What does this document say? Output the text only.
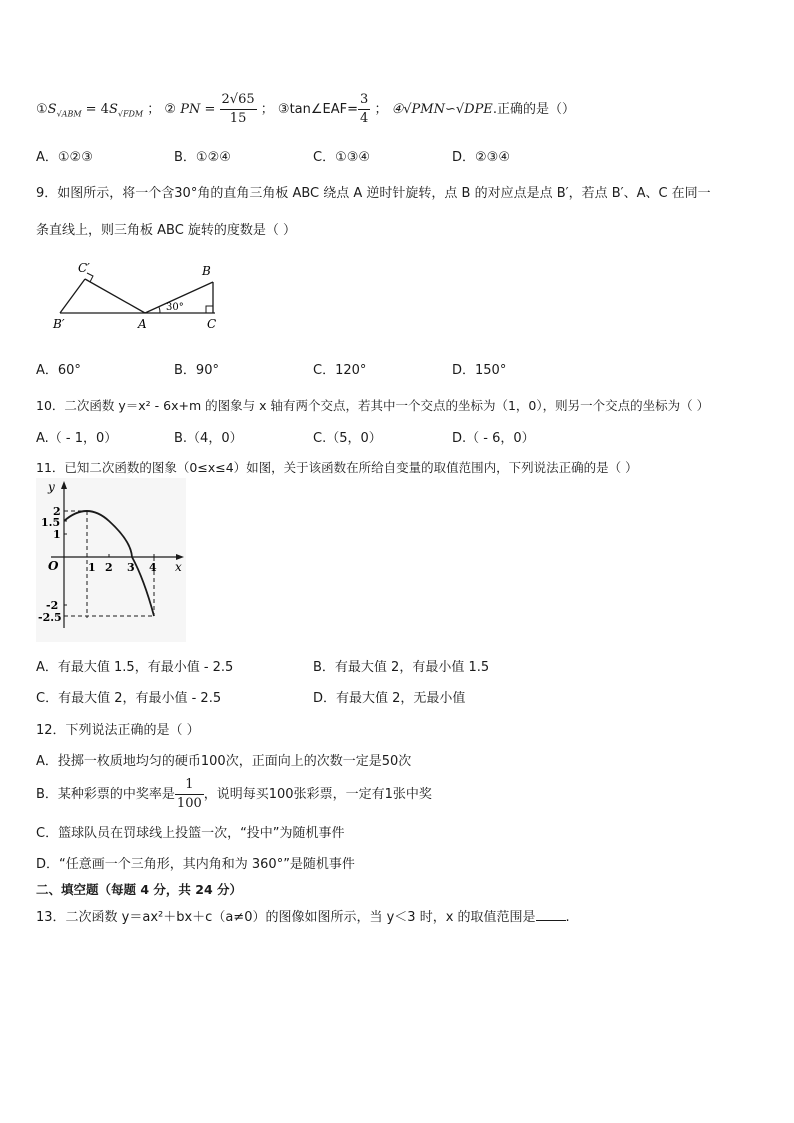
$①S_{√ABM} = 4S_{√FDM}$ ； ② PN = $\frac{2√65}{15}$ ； ③tan∠EAF= $\frac{3}{4}$ ； ④√PMN∽√DPE.正确的是（）
A．①②③	B．①②④	C．①③④	D．②③④
9．如图所示，将一个含30°角的直角三角板 ABC 绕点 A 逆时针旋转，点 B 的对应点是点 B′，若点 B′、A、C 在同一
条直线上，则三角板 ABC 旋转的度数是（ ）
30°
C′	B
B′	A	C
A．60°	B．90°	C．120°	D．150°
10．二次函数 y＝x² - 6x+m 的图象与 x 轴有两个交点，若其中一个交点的坐标为（1，0），则另一个交点的坐标为（ ）
A.（ - 1，0）	B.（4，0）	C.（5，0）	D.（ - 6，0）
11．已知二次函数的图象（0≤x≤4）如图，关于该函数在所给自变量的取值范围内，下列说法正确的是（ ）
y
x
O
2
1.5
1
-2
-2.5
1 2 3 4
A．有最大值 1.5，有最小值 - 2.5	B．有最大值 2，有最小值 1.5
C．有最大值 2，有最小值 - 2.5	D．有最大值 2，无最小值
12．下列说法正确的是（ ）
A．投掷一枚质地均匀的硬币100次，正面向上的次数一定是50次
B．某种彩票的中奖率是 $\frac{1}{100}$ ，说明每买100张彩票，一定有1张中奖
C．篮球队员在罚球线上投篮一次，“投中”为随机事件
D．“任意画一个三角形，其内角和为 360°”是随机事件
二、填空题（每题 4 分，共 24 分）
13．二次函数 y＝ax²＋bx＋c（a≠0）的图像如图所示，当 y＜3 时，x 的取值范围是 .
